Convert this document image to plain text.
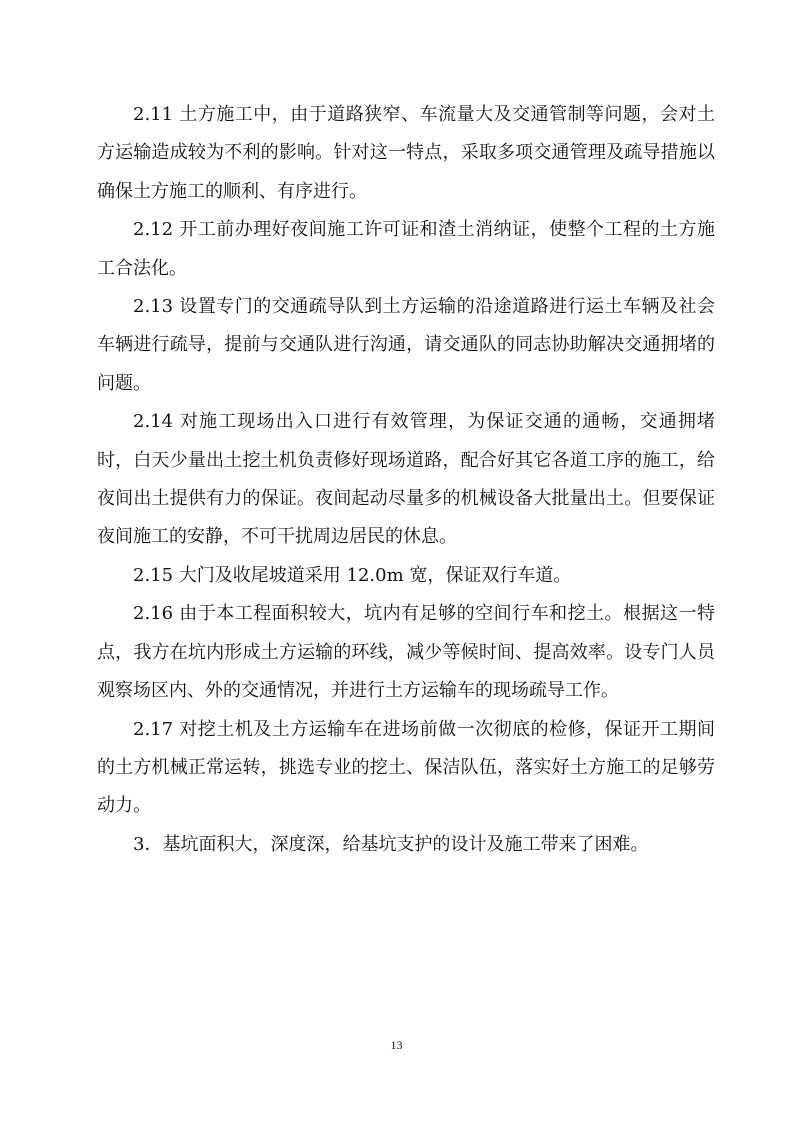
2.11 土方施工中，由于道路狭窄、车流量大及交通管制等问题，会对土方运输造成较为不利的影响。针对这一特点，采取多项交通管理及疏导措施以确保土方施工的顺利、有序进行。

2.12 开工前办理好夜间施工许可证和渣土消纳证，使整个工程的土方施工合法化。

2.13 设置专门的交通疏导队到土方运输的沿途道路进行运土车辆及社会车辆进行疏导，提前与交通队进行沟通，请交通队的同志协助解决交通拥堵的问题。

2.14 对施工现场出入口进行有效管理，为保证交通的通畅，交通拥堵时，白天少量出土挖土机负责修好现场道路，配合好其它各道工序的施工，给夜间出土提供有力的保证。夜间起动尽量多的机械设备大批量出土。但要保证夜间施工的安静，不可干扰周边居民的休息。

2.15 大门及收尾坡道采用 12.0m 宽，保证双行车道。

2.16 由于本工程面积较大，坑内有足够的空间行车和挖土。根据这一特点，我方在坑内形成土方运输的环线，减少等候时间、提高效率。设专门人员观察场区内、外的交通情况，并进行土方运输车的现场疏导工作。

2.17 对挖土机及土方运输车在进场前做一次彻底的检修，保证开工期间的土方机械正常运转，挑选专业的挖土、保洁队伍，落实好土方施工的足够劳动力。

3．基坑面积大，深度深，给基坑支护的设计及施工带来了困难。

13
